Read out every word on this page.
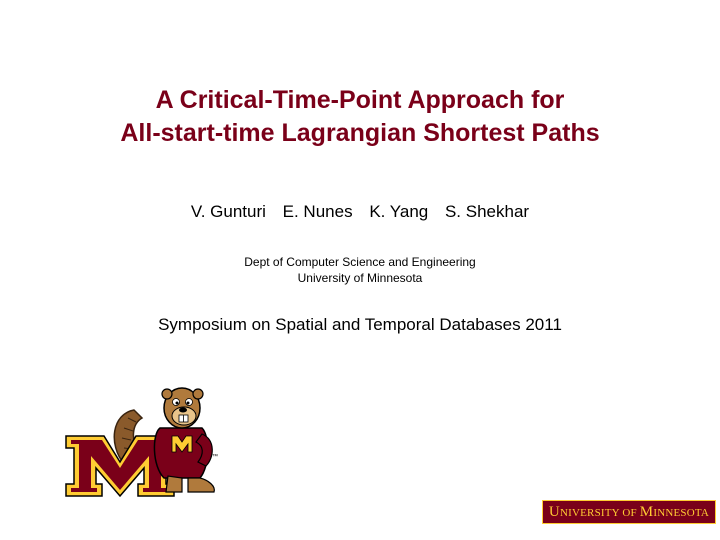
A Critical-Time-Point Approach for
All-start-time Lagrangian Shortest Paths
V. Gunturi E. Nunes K. Yang S. Shekhar
Dept of Computer Science and Engineering
University of Minnesota
Symposium on Spatial and Temporal Databases 2011
™
UNIVERSITY OF MINNESOTA
